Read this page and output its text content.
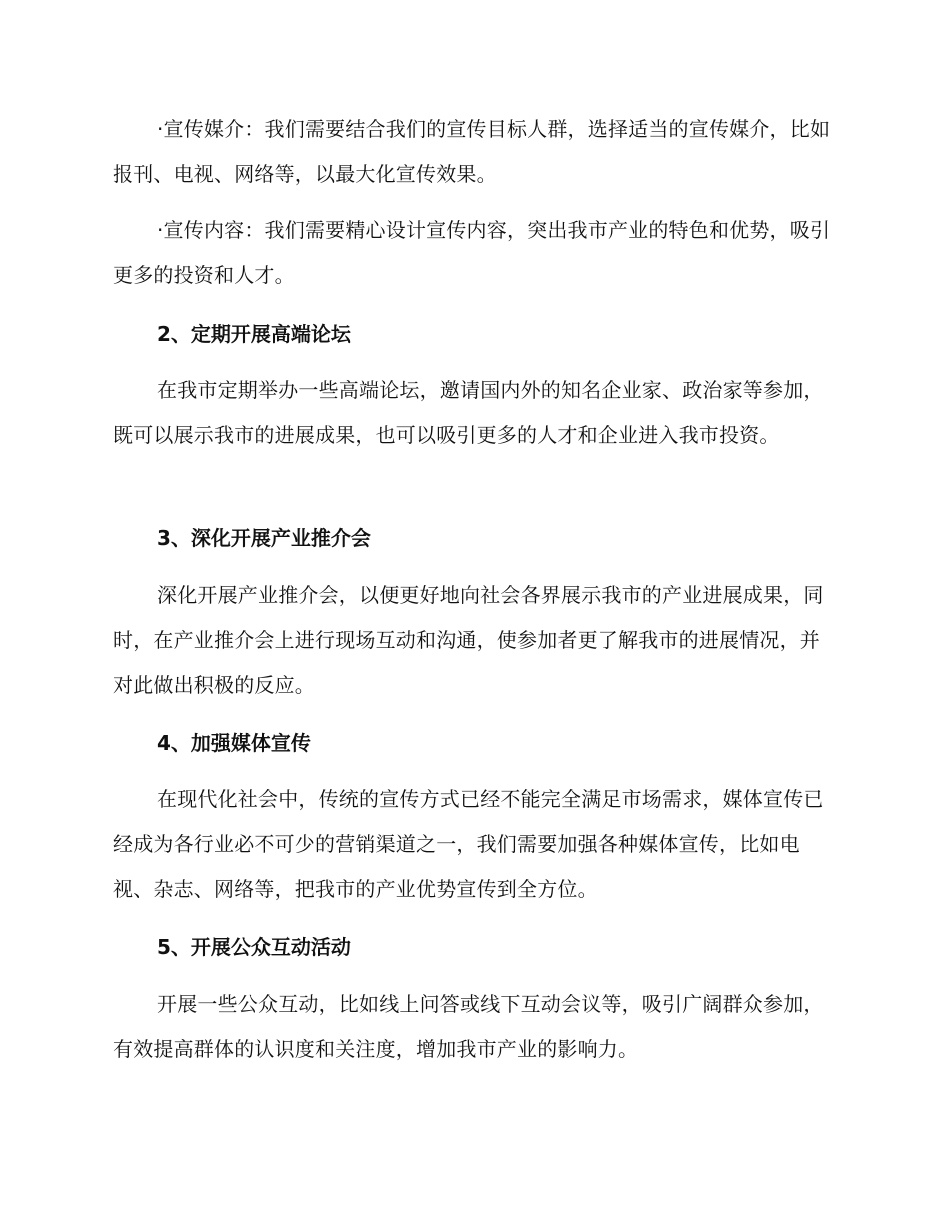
·宣传媒介：我们需要结合我们的宣传目标人群，选择适当的宣传媒介，比如报刊、电视、网络等，以最大化宣传效果。

·宣传内容：我们需要精心设计宣传内容，突出我市产业的特色和优势，吸引更多的投资和人才。

2、定期开展高端论坛

在我市定期举办一些高端论坛，邀请国内外的知名企业家、政治家等参加，既可以展示我市的进展成果，也可以吸引更多的人才和企业进入我市投资。

3、深化开展产业推介会

深化开展产业推介会，以便更好地向社会各界展示我市的产业进展成果，同时，在产业推介会上进行现场互动和沟通，使参加者更了解我市的进展情况，并对此做出积极的反应。

4、加强媒体宣传

在现代化社会中，传统的宣传方式已经不能完全满足市场需求，媒体宣传已经成为各行业必不可少的营销渠道之一，我们需要加强各种媒体宣传，比如电视、杂志、网络等，把我市的产业优势宣传到全方位。

5、开展公众互动活动

开展一些公众互动，比如线上问答或线下互动会议等，吸引广阔群众参加，有效提高群体的认识度和关注度，增加我市产业的影响力。
